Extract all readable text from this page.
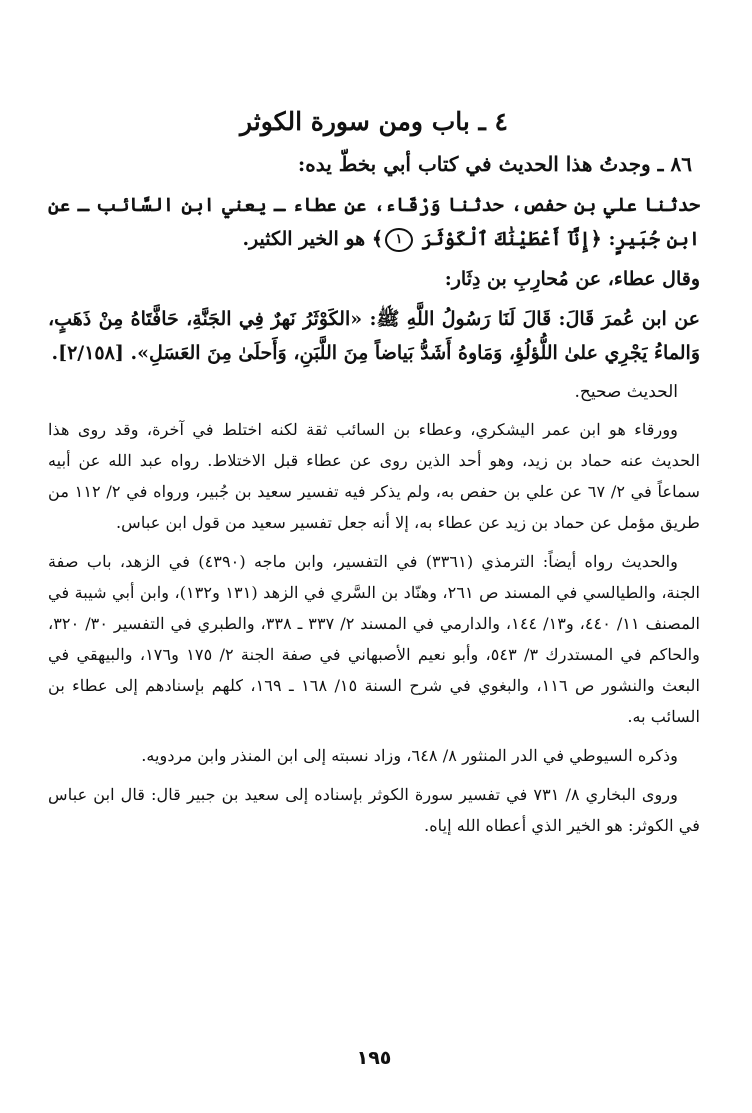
٤ ـ باب ومن سورة الكوثر

٨٦ ـ وجدتُ هذا الحديث في كتاب أبي بخطّ يده:

حدثنا علي بن حفص، حدثنا وَرْقَاء، عن عطاء ـ يعني ابن السَّائب ـ عن ابن جُبَيرٍ: ﴿إِنَّآ أَعْطَيْنَٰكَ ٱلْكَوْثَرَ ١﴾ هو الخير الكثير.

وقال عطاء، عن مُحارِبِ بن دِثَار:

عن ابن عُمرَ قَالَ: قَالَ لَنَا رَسُولُ اللَّهِ ﷺ: «الكَوْثَرُ نَهرٌ فِي الجَنَّةِ، حَافَّتَاهُ مِنْ ذَهَبٍ، وَالماءُ يَجْرِي علىٰ اللُّؤلُؤِ، وَمَاوهُ أَشَدُّ بَياضاً مِنَ اللَّبَنِ، وَأَحلَىٰ مِنَ العَسَلِ». [٢/١٥٨].

الحديث صحيح.

وورقاء هو ابن عمر اليشكري، وعطاء بن السائب ثقة لكنه اختلط في آخرة، وقد روى هذا الحديث عنه حماد بن زيد، وهو أحد الذين روى عن عطاء قبل الاختلاط. رواه عبد الله عن أبيه سماعاً في ٢/ ٦٧ عن علي بن حفص به، ولم يذكر فيه تفسير سعيد بن جُبير، ورواه في ٢/ ١١٢ من طريق مؤمل عن حماد بن زيد عن عطاء به، إلا أنه جعل تفسير سعيد من قول ابن عباس.

والحديث رواه أيضاً: الترمذي (٣٣٦١) في التفسير، وابن ماجه (٤٣٩٠) في الزهد، باب صفة الجنة، والطيالسي في المسند ص ٢٦١، وهنّاد بن السَّري في الزهد (١٣١ و١٣٢)، وابن أبي شيبة في المصنف ١١/ ٤٤٠، و١٣/ ١٤٤، والدارمي في المسند ٢/ ٣٣٧ ـ ٣٣٨، والطبري في التفسير ٣٠/ ٣٢٠، والحاكم في المستدرك ٣/ ٥٤٣، وأبو نعيم الأصبهاني في صفة الجنة ٢/ ١٧٥ و١٧٦، والبيهقي في البعث والنشور ص ١١٦، والبغوي في شرح السنة ١٥/ ١٦٨ ـ ١٦٩، كلهم بإسنادهم إلى عطاء بن السائب به.

وذكره السيوطي في الدر المنثور ٨/ ٦٤٨، وزاد نسبته إلى ابن المنذر وابن مردويه.

وروى البخاري ٨/ ٧٣١ في تفسير سورة الكوثر بإسناده إلى سعيد بن جبير قال: قال ابن عباس في الكوثر: هو الخير الذي أعطاه الله إياه.

١٩٥
